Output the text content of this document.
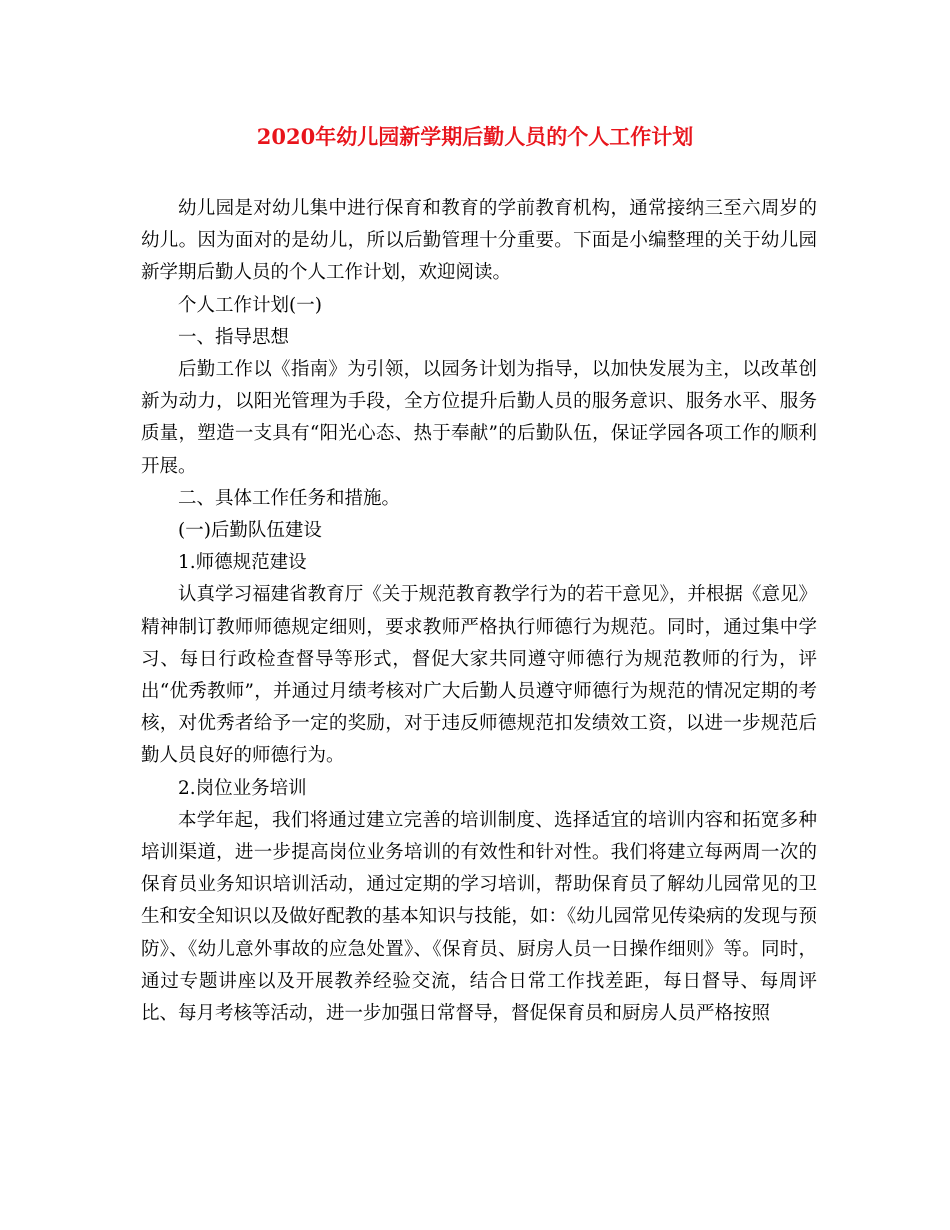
2020年幼儿园新学期后勤人员的个人工作计划

幼儿园是对幼儿集中进行保育和教育的学前教育机构，通常接纳三至六周岁的幼儿。因为面对的是幼儿，所以后勤管理十分重要。下面是小编整理的关于幼儿园新学期后勤人员的个人工作计划，欢迎阅读。

个人工作计划(一)

一、指导思想

后勤工作以《指南》为引领，以园务计划为指导，以加快发展为主，以改革创新为动力，以阳光管理为手段，全方位提升后勤人员的服务意识、服务水平、服务质量，塑造一支具有“阳光心态、热于奉献”的后勤队伍，保证学园各项工作的顺利开展。

二、具体工作任务和措施。

(一)后勤队伍建设

1.师德规范建设

认真学习福建省教育厅《关于规范教育教学行为的若干意见》，并根据《意见》精神制订教师师德规定细则，要求教师严格执行师德行为规范。同时，通过集中学习、每日行政检查督导等形式，督促大家共同遵守师德行为规范教师的行为，评出“优秀教师”，并通过月绩考核对广大后勤人员遵守师德行为规范的情况定期的考核，对优秀者给予一定的奖励，对于违反师德规范扣发绩效工资，以进一步规范后勤人员良好的师德行为。

2.岗位业务培训

本学年起，我们将通过建立完善的培训制度、选择适宜的培训内容和拓宽多种培训渠道，进一步提高岗位业务培训的有效性和针对性。我们将建立每两周一次的保育员业务知识培训活动，通过定期的学习培训，帮助保育员了解幼儿园常见的卫生和安全知识以及做好配教的基本知识与技能，如：《幼儿园常见传染病的发现与预防》、《幼儿意外事故的应急处置》、《保育员、厨房人员一日操作细则》等。同时，通过专题讲座以及开展教养经验交流，结合日常工作找差距，每日督导、每周评比、每月考核等活动，进一步加强日常督导，督促保育员和厨房人员严格按照
